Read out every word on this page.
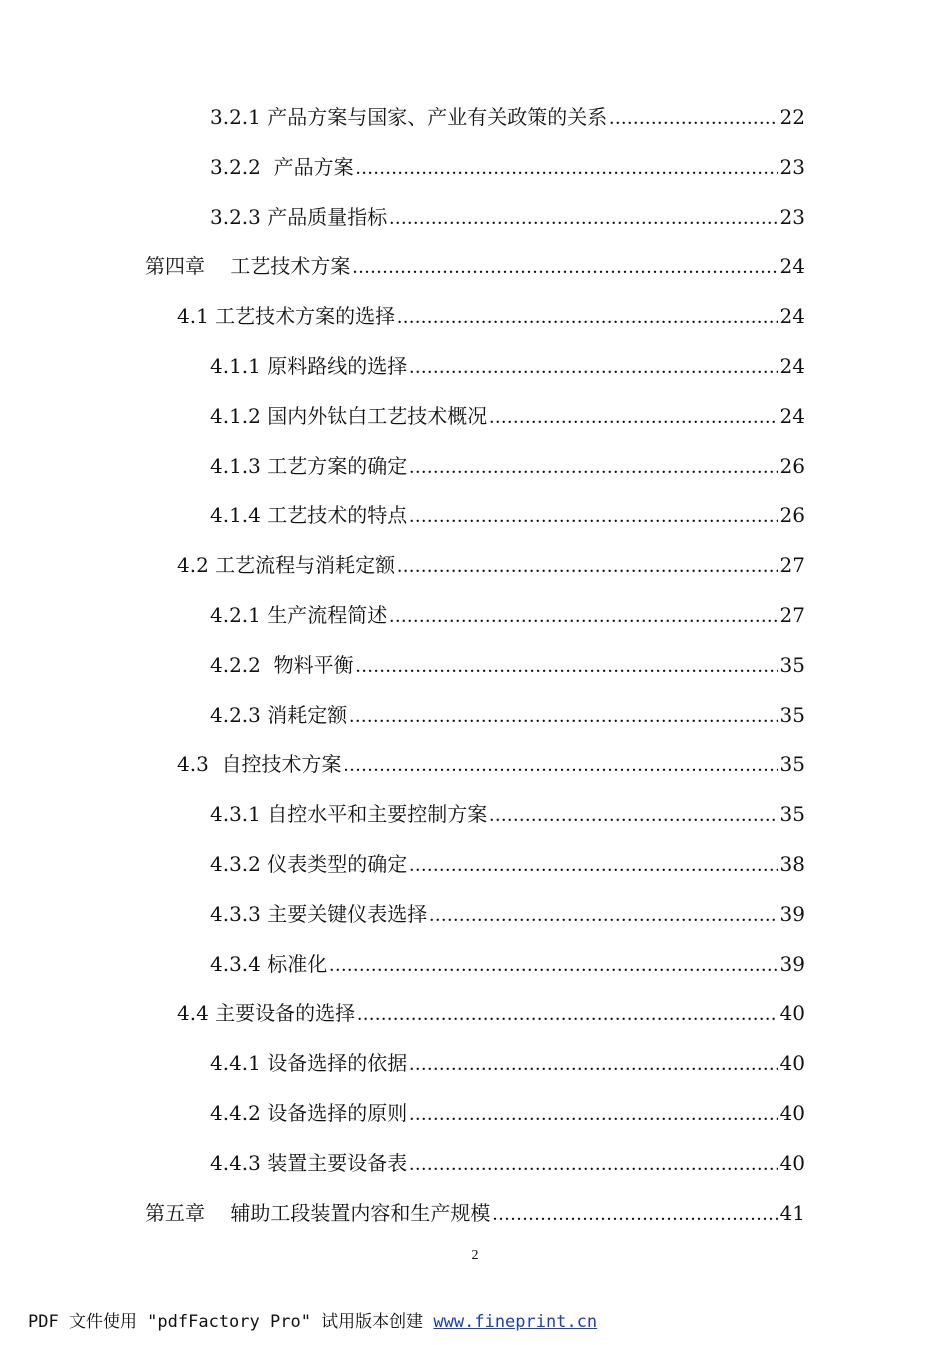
3.2.1 产品方案与国家、产业有关政策的关系 .....	22
3.2.2  产品方案 .....	23
3.2.3 产品质量指标 .....	23
第四章    工艺技术方案 .....	24
4.1 工艺技术方案的选择 .....	24
4.1.1 原料路线的选择 .....	24
4.1.2 国内外钛白工艺技术概况 .....	24
4.1.3 工艺方案的确定 .....	26
4.1.4 工艺技术的特点 .....	26
4.2 工艺流程与消耗定额 .....	27
4.2.1 生产流程简述 .....	27
4.2.2  物料平衡 .....	35
4.2.3 消耗定额 .....	35
4.3  自控技术方案 .....	35
4.3.1 自控水平和主要控制方案 .....	35
4.3.2 仪表类型的确定 .....	38
4.3.3 主要关键仪表选择 .....	39
4.3.4 标准化 .....	39
4.4 主要设备的选择 .....	40
4.4.1 设备选择的依据 .....	40
4.4.2 设备选择的原则 .....	40
4.4.3 装置主要设备表 .....	40
第五章    辅助工段装置内容和生产规模 .....	41
2
PDF 文件使用 "pdfFactory Pro" 试用版本创建 www.fineprint.cn
